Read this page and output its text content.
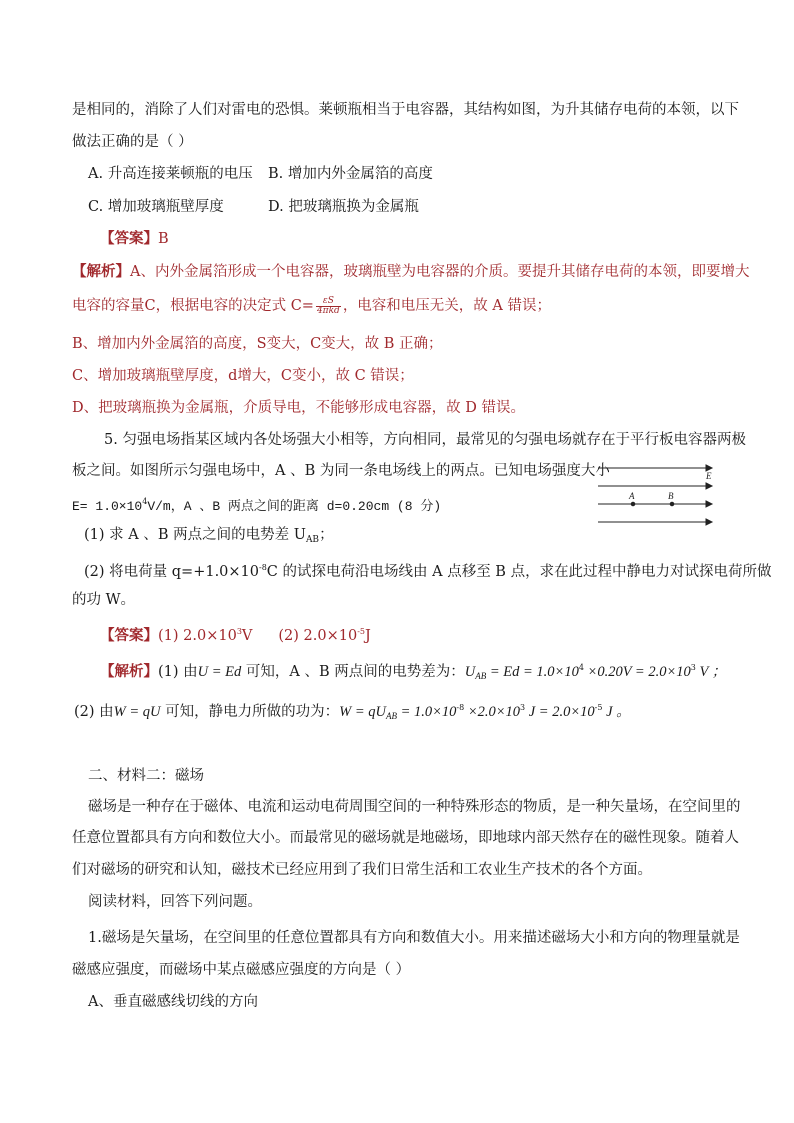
是相同的，消除了人们对雷电的恐惧。莱顿瓶相当于电容器，其结构如图，为升其储存电荷的本领，以下
做法正确的是（ ）
A. 升高连接莱顿瓶的电压 B. 增加内外金属箔的高度
C. 增加玻璃瓶壁厚度	D. 把玻璃瓶换为金属瓶
【答案】B
【解析】A、内外金属箔形成一个电容器，玻璃瓶壁为电容器的介质。要提升其储存电荷的本领，即要增大
电容的容量C，根据电容的决定式 $C= \frac{\varepsilon S}{\text{4πkd}}$ ，电容和电压无关，故 A 错误；
B、增加内外金属箔的高度，S变大，C变大，故 B 正确；
C、增加玻璃瓶壁厚度，d增大，C变小，故 C 错误；
D、把玻璃瓶换为金属瓶，介质导电，不能够形成电容器，故 D 错误。
5. 匀强电场指某区域内各处场强大小相等，方向相同，最常见的匀强电场就存在于平行板电容器两极
板之间。如图所示匀强电场中，A 、B 为同一条电场线上的两点。已知电场强度大小
$E= 1.0\times 10^4V/m$，A 、B 两点之间的距离 d=0.20cm (8 分)
E
A	B
(1) 求 A 、B 两点之间的电势差 $U_{AB}$；
(2) 将电荷量 $q=+1.0\times 10^{-8}C$ 的试探电荷沿电场线由 A 点移至 B 点，求在此过程中静电力对试探电荷所做
的功 W。
【答案】(1) $2.0\times 10^3V$ (2) $2.0\times 10^{-5}J$
【解析】(1) 由U = Ed 可知，A 、B 两点间的电势差为：$U_{AB} = Ed = 1.0\times 10^4 \times 0.20V = 2.0\times 10^3$ V ；
(2) 由W = qU 可知，静电力所做的功为：$W = qU_{AB} = 1.0\times 10^{-8} \times 2.0\times 10^3$ $J = 2.0\times 10^{-5}$ J 。
二、材料二：磁场
磁场是一种存在于磁体、电流和运动电荷周围空间的一种特殊形态的物质，是一种矢量场，在空间里的
任意位置都具有方向和数位大小。而最常见的磁场就是地磁场，即地球内部天然存在的磁性现象。随着人
们对磁场的研究和认知，磁技术已经应用到了我们日常生活和工农业生产技术的各个方面。
阅读材料，回答下列问题。
1.磁场是矢量场，在空间里的任意位置都具有方向和数值大小。用来描述磁场大小和方向的物理量就是
磁感应强度，而磁场中某点磁感应强度的方向是（ ）
A、垂直磁感线切线的方向
